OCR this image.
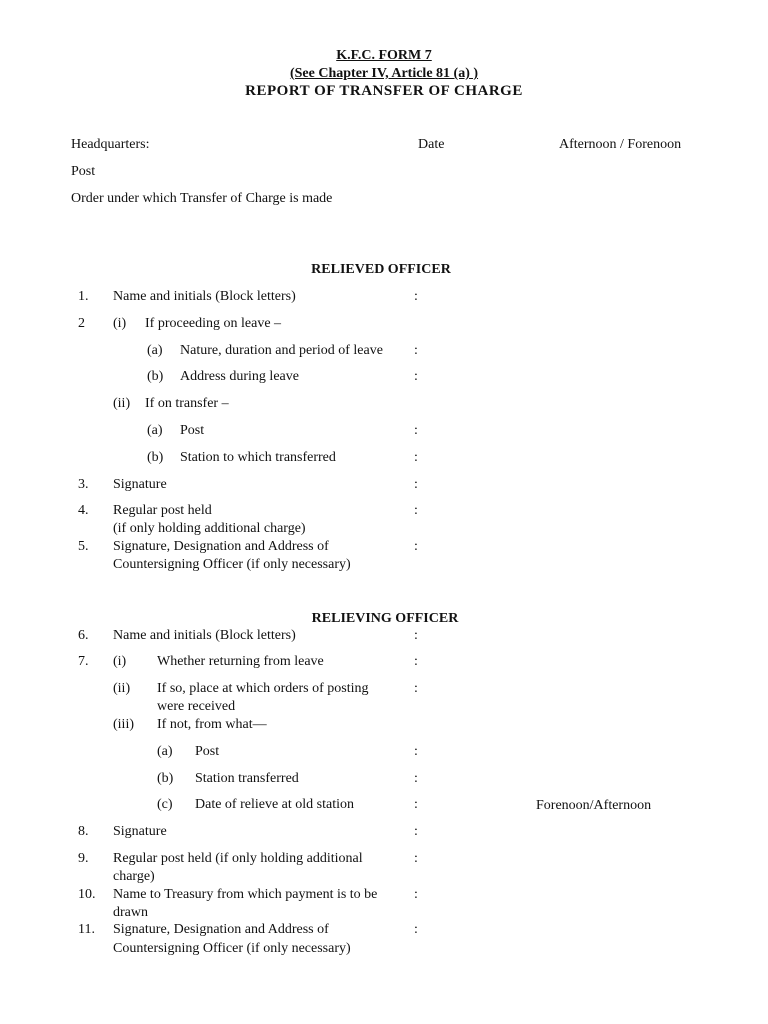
K.F.C. FORM 7
(See Chapter IV, Article 81 (a) )
REPORT OF TRANSFER OF CHARGE
Headquarters:	Date	Afternoon / Forenoon
Post
Order under which Transfer of Charge is made
RELIEVED OFFICER
1. Name and initials (Block letters)	:
2 (i) If proceeding on leave –
(a) Nature, duration and period of leave :
(b) Address during leave	:
(ii) If on transfer –
(a) Post	:
(b) Station to which transferred	:
3. Signature	:
4. Regular post held	:
(if only holding additional charge)
5. Signature, Designation and Address of	:
Countersigning Officer (if only necessary)
RELIEVING OFFICER
6. Name and initials (Block letters)	:
7. (i) Whether returning from leave	:
(ii) If so, place at which orders of posting	:
were received
(iii) If not, from what—
(a) Post	:
(b) Station transferred	:
(c) Date of relieve at old station	:	Forenoon/Afternoon
8. Signature	:
9. Regular post held (if only holding additional	:
charge)
10. Name to Treasury from which payment is to be	:
drawn
11. Signature, Designation and Address of	:
Countersigning Officer (if only necessary)
